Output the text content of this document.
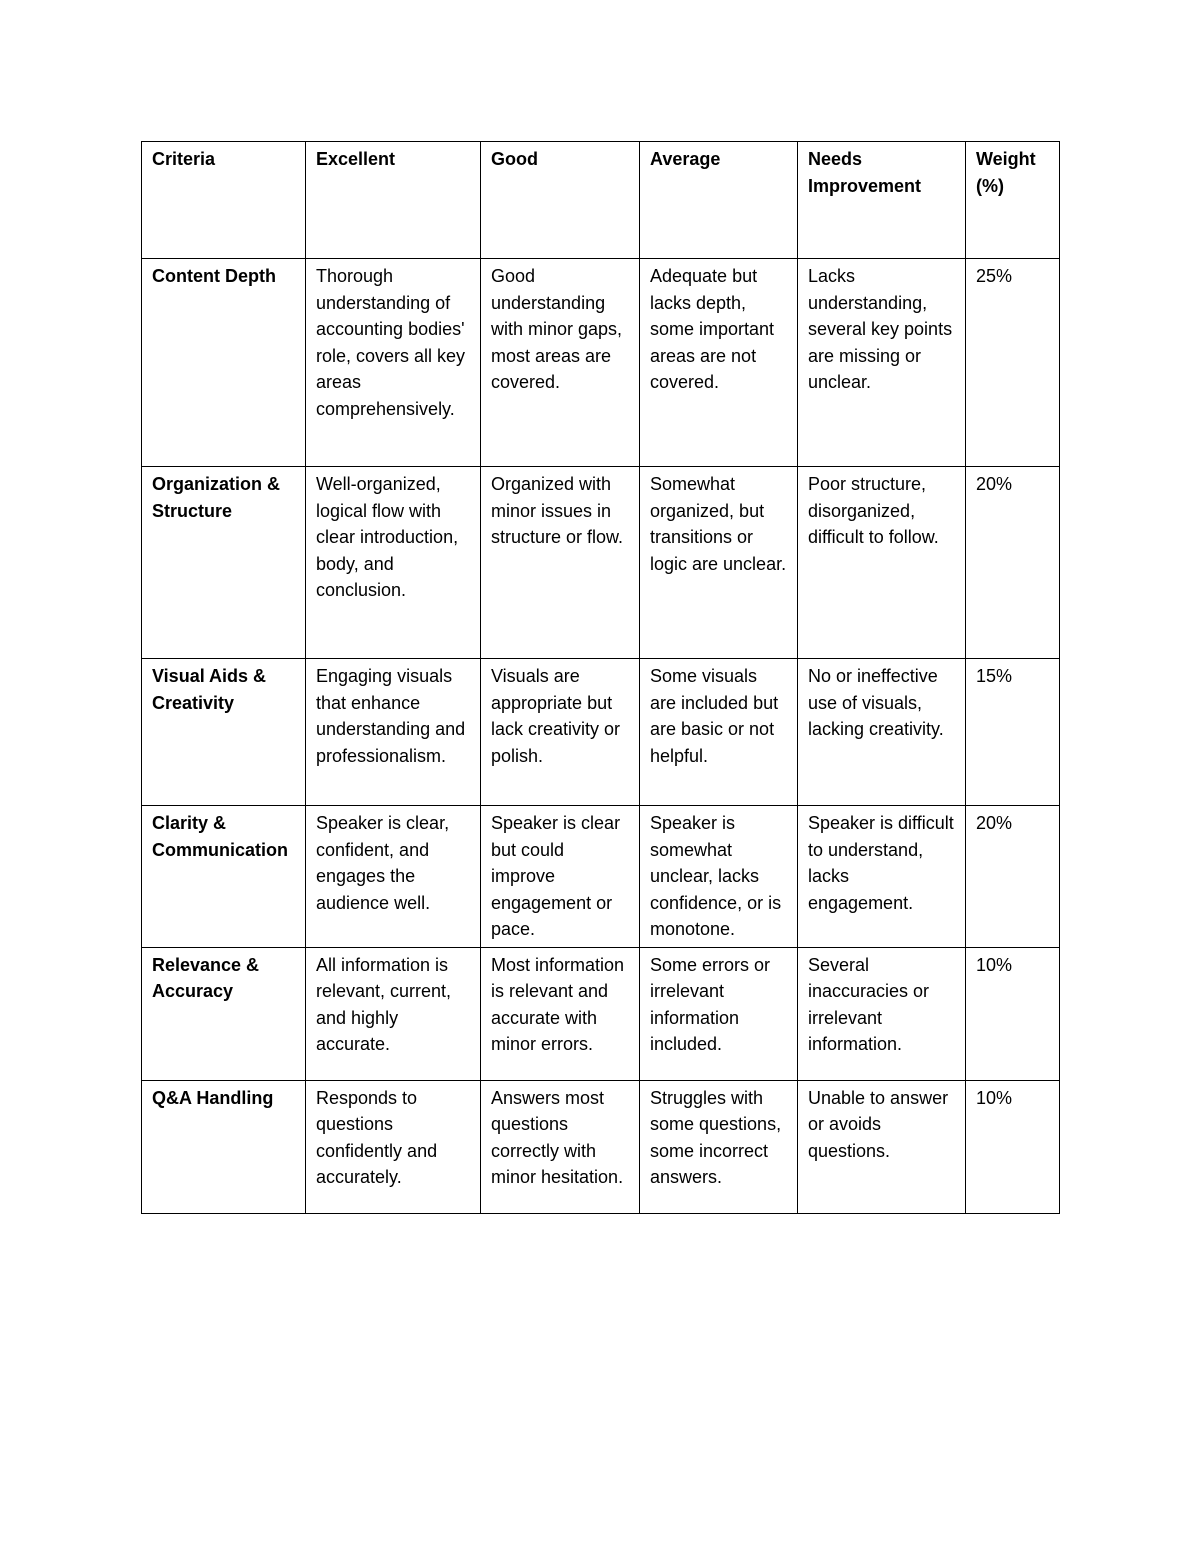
Criteria	Excellent	Good	Average	Needs Improvement	Weight (%)
Content Depth	Thorough understanding of accounting bodies' role, covers all key areas comprehensively.	Good understanding with minor gaps, most areas are covered.	Adequate but lacks depth, some important areas are not covered.	Lacks understanding, several key points are missing or unclear.	25%
Organization & Structure	Well-organized, logical flow with clear introduction, body, and conclusion.	Organized with minor issues in structure or flow.	Somewhat organized, but transitions or logic are unclear.	Poor structure, disorganized, difficult to follow.	20%
Visual Aids & Creativity	Engaging visuals that enhance understanding and professionalism.	Visuals are appropriate but lack creativity or polish.	Some visuals are included but are basic or not helpful.	No or ineffective use of visuals, lacking creativity.	15%
Clarity & Communication	Speaker is clear, confident, and engages the audience well.	Speaker is clear but could improve engagement or pace.	Speaker is somewhat unclear, lacks confidence, or is monotone.	Speaker is difficult to understand, lacks engagement.	20%
Relevance & Accuracy	All information is relevant, current, and highly accurate.	Most information is relevant and accurate with minor errors.	Some errors or irrelevant information included.	Several inaccuracies or irrelevant information.	10%
Q&A Handling	Responds to questions confidently and accurately.	Answers most questions correctly with minor hesitation.	Struggles with some questions, some incorrect answers.	Unable to answer or avoids questions.	10%
